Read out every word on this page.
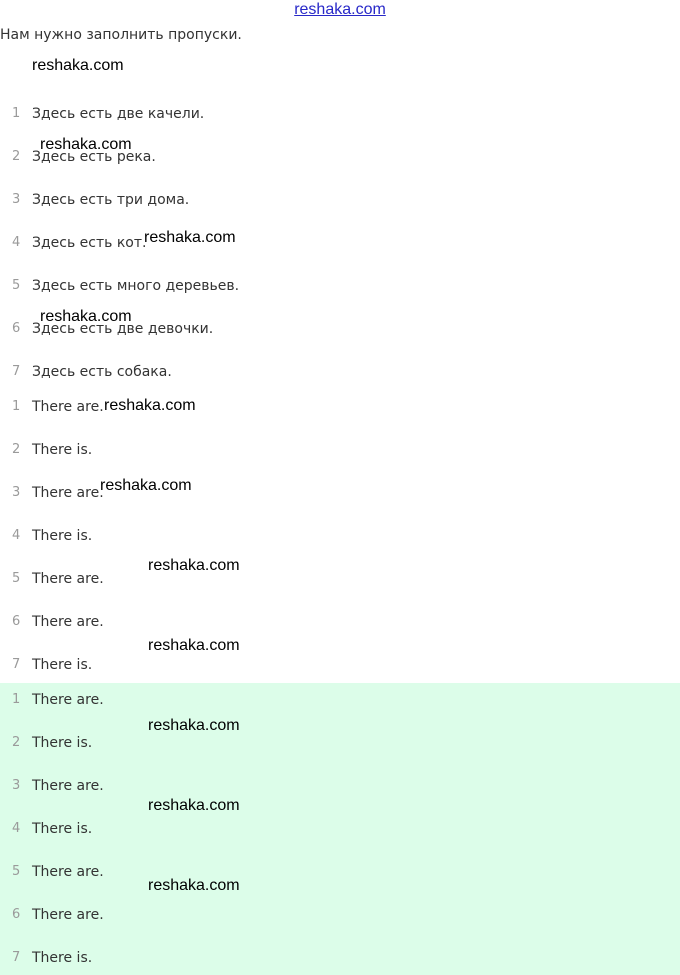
reshaka.com
Нам нужно заполнить пропуски.
1 Здесь есть две качели.
2 Здесь есть река.
3 Здесь есть три дома.
4 Здесь есть кот.
5 Здесь есть много деревьев.
6 Здесь есть две девочки.
7 Здесь есть собака.
1 There are.
2 There is.
3 There are.
4 There is.
5 There are.
6 There are.
7 There is.
1 There are.
2 There is.
3 There are.
4 There is.
5 There are.
6 There are.
7 There is.
reshaka.com
reshaka.com
reshaka.com
reshaka.com
reshaka.com
reshaka.com
reshaka.com
reshaka.com
reshaka.com
reshaka.com
reshaka.com
